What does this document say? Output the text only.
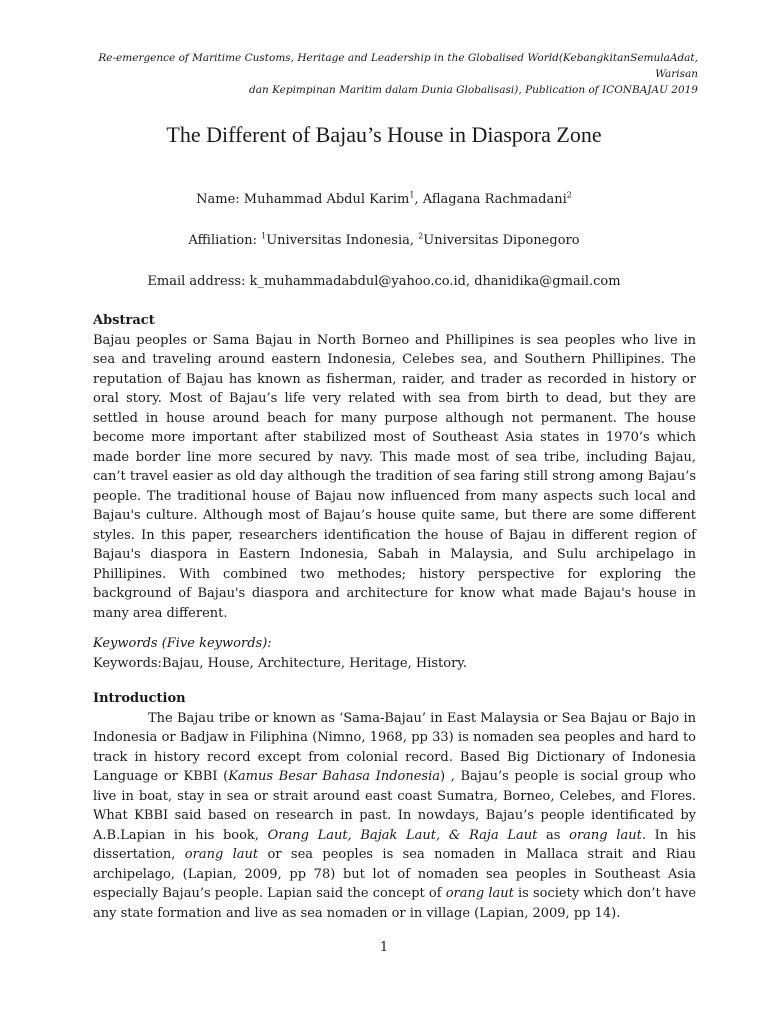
Re-emergence of Maritime Customs, Heritage and Leadership in the Globalised World(KebangkitanSemulaAdat, Warisan
dan Kepimpinan Maritim dalam Dunia Globalisasi), Publication of ICONBAJAU 2019
The Different of Bajau’s House in Diaspora Zone
Name: Muhammad Abdul Karim$^1$, Aflagana Rachmadani$^2$
Affiliation: $^1$Universitas Indonesia, $^2$Universitas Diponegoro
Email address: k_muhammadabdul@yahoo.co.id, dhanidika@gmail.com

Abstract

Bajau peoples or Sama Bajau in North Borneo and Phillipines is sea peoples who live in sea and traveling around eastern Indonesia, Celebes sea, and Southern Phillipines. The reputation of Bajau has known as fisherman, raider, and trader as recorded in history or oral story. Most of Bajau’s life very related with sea from birth to dead, but they are settled in house around beach for many purpose although not permanent. The house become more important after stabilized most of Southeast Asia states in 1970’s which made border line more secured by navy. This made most of sea tribe, including Bajau, can’t travel easier as old day although the tradition of sea faring still strong among Bajau’s people. The traditional house of Bajau now influenced from many aspects such local and Bajau's culture. Although most of Bajau’s house quite same, but there are some different styles. In this paper, researchers identification the house of Bajau in different region of Bajau's diaspora in Eastern Indonesia, Sabah in Malaysia, and Sulu archipelago in Phillipines. With combined two methodes; history perspective for exploring the background of Bajau's diaspora and architecture for know what made Bajau's house in many area different.

Keywords (Five keywords):

Keywords:Bajau, House, Architecture, Heritage, History.

Introduction

The Bajau tribe or known as ‘Sama-Bajau’ in East Malaysia or Sea Bajau or Bajo in Indonesia or Badjaw in Filiphina (Nimno, 1968, pp 33) is nomaden sea peoples and hard to track in history record except from colonial record. Based Big Dictionary of Indonesia Language or KBBI (Kamus Besar Bahasa Indonesia) , Bajau’s people is social group who live in boat, stay in sea or strait around east coast Sumatra, Borneo, Celebes, and Flores. What KBBI said based on research in past. In nowdays, Bajau’s people identificated by A.B.Lapian in his book, Orang Laut, Bajak Laut, & Raja Laut as orang laut. In his dissertation, orang laut or sea peoples is sea nomaden in Mallaca strait and Riau archipelago, (Lapian, 2009, pp 78) but lot of nomaden sea peoples in Southeast Asia especially Bajau’s people. Lapian said the concept of orang laut is society which don’t have any state formation and live as sea nomaden or in village (Lapian, 2009, pp 14).

1
